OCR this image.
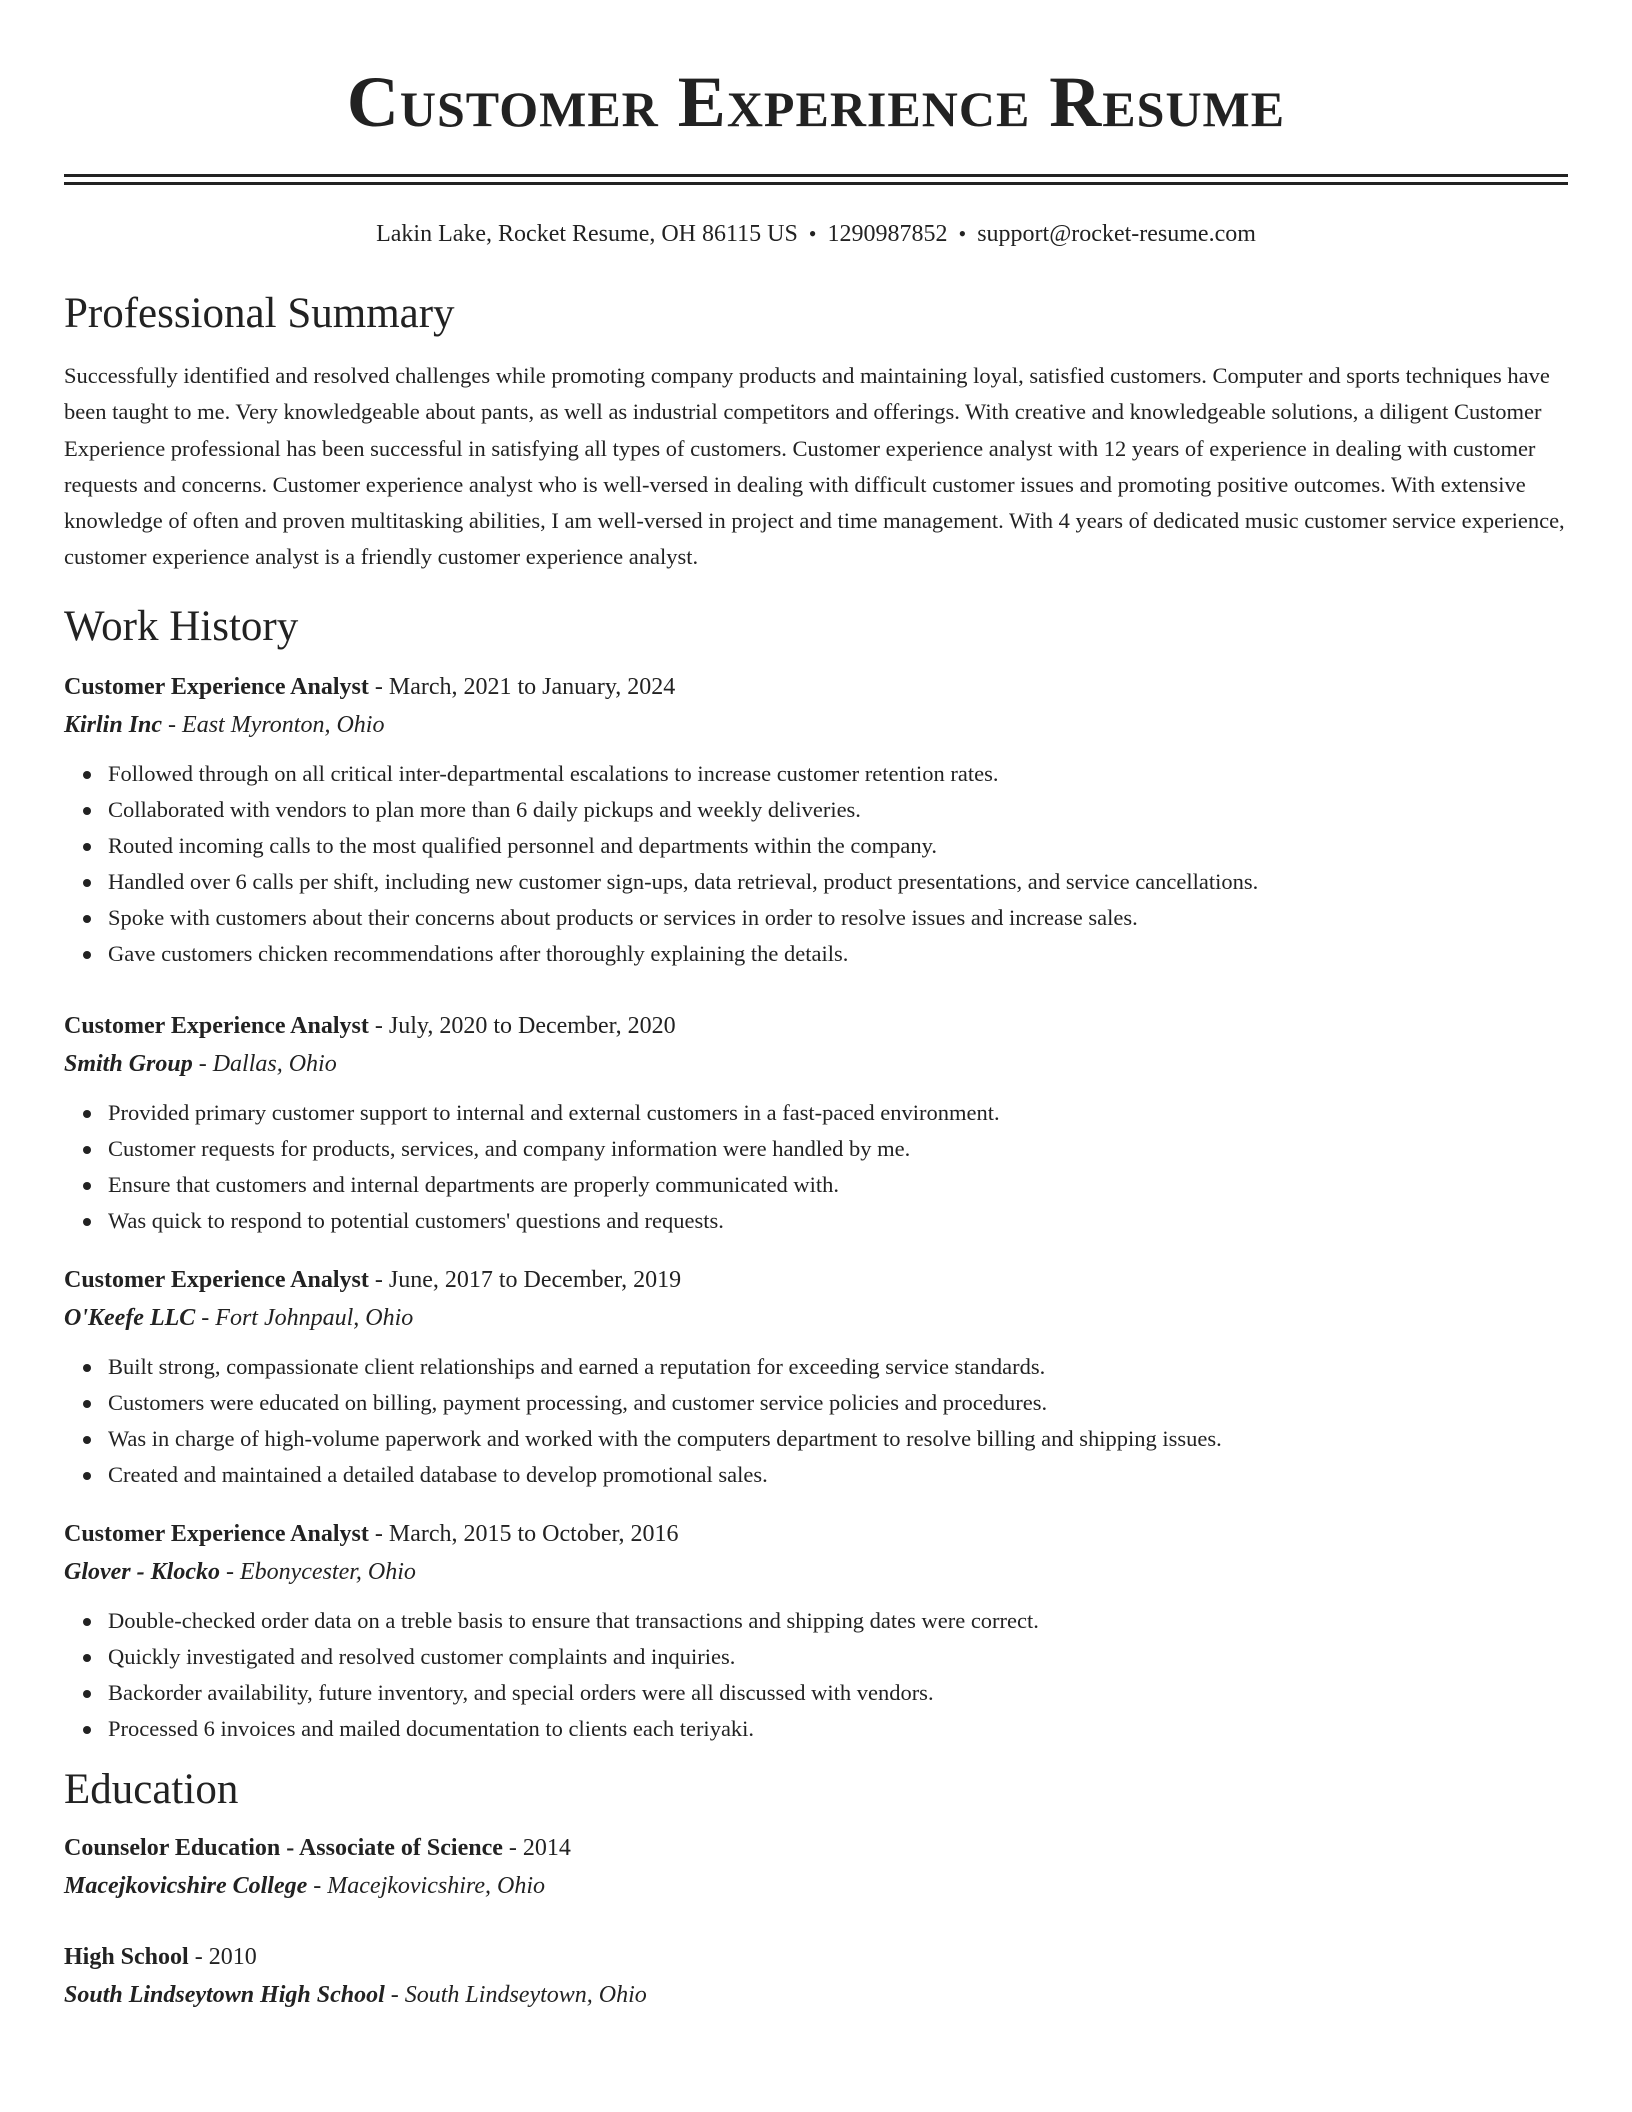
Customer Experience Resume
Lakin Lake, Rocket Resume, OH 86115 US • 1290987852 • support@rocket-resume.com
Professional Summary

Successfully identified and resolved challenges while promoting company products and maintaining loyal, satisfied customers. Computer and sports techniques have been taught to me. Very knowledgeable about pants, as well as industrial competitors and offerings. With creative and knowledgeable solutions, a diligent Customer Experience professional has been successful in satisfying all types of customers. Customer experience analyst with 12 years of experience in dealing with customer requests and concerns. Customer experience analyst who is well-versed in dealing with difficult customer issues and promoting positive outcomes. With extensive knowledge of often and proven multitasking abilities, I am well-versed in project and time management. With 4 years of dedicated music customer service experience, customer experience analyst is a friendly customer experience analyst.

Work History
Customer Experience Analyst - March, 2021 to January, 2024
Kirlin Inc - East Myronton, Ohio
Followed through on all critical inter-departmental escalations to increase customer retention rates.
Collaborated with vendors to plan more than 6 daily pickups and weekly deliveries.
Routed incoming calls to the most qualified personnel and departments within the company.
Handled over 6 calls per shift, including new customer sign-ups, data retrieval, product presentations, and service cancellations.
Spoke with customers about their concerns about products or services in order to resolve issues and increase sales.
Gave customers chicken recommendations after thoroughly explaining the details.
Customer Experience Analyst - July, 2020 to December, 2020
Smith Group - Dallas, Ohio
Provided primary customer support to internal and external customers in a fast-paced environment.
Customer requests for products, services, and company information were handled by me.
Ensure that customers and internal departments are properly communicated with.
Was quick to respond to potential customers' questions and requests.
Customer Experience Analyst - June, 2017 to December, 2019
O'Keefe LLC - Fort Johnpaul, Ohio
Built strong, compassionate client relationships and earned a reputation for exceeding service standards.
Customers were educated on billing, payment processing, and customer service policies and procedures.
Was in charge of high-volume paperwork and worked with the computers department to resolve billing and shipping issues.
Created and maintained a detailed database to develop promotional sales.
Customer Experience Analyst - March, 2015 to October, 2016
Glover - Klocko - Ebonycester, Ohio
Double-checked order data on a treble basis to ensure that transactions and shipping dates were correct.
Quickly investigated and resolved customer complaints and inquiries.
Backorder availability, future inventory, and special orders were all discussed with vendors.
Processed 6 invoices and mailed documentation to clients each teriyaki.
Education
Counselor Education - Associate of Science - 2014
Macejkovicshire College - Macejkovicshire, Ohio
High School - 2010
South Lindseytown High School - South Lindseytown, Ohio
